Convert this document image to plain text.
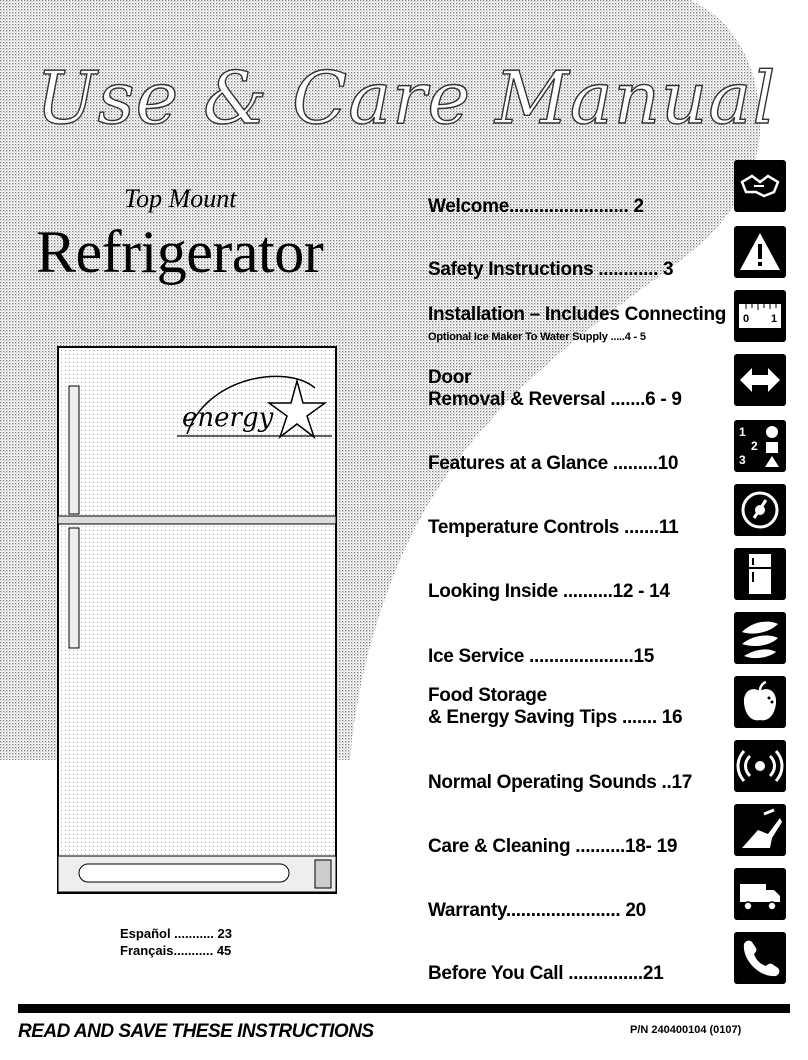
Use & Care Manual
Top Mount
Refrigerator
energy
Español ........... 23
Français........... 45
Welcome........................ 2
Safety Instructions ............ 3
Installation – Includes Connecting
Optional Ice Maker To Water Supply .....4 - 5
Door
Removal & Reversal .......6 - 9
Features at a Glance .........10
Temperature Controls .......11
Looking Inside ..........12 - 14
Ice Service .....................15
Food Storage
& Energy Saving Tips ....... 16
Normal Operating Sounds ..17
Care & Cleaning ..........18- 19
Warranty....................... 20
Before You Call ...............21
0 1
1
2
3
READ AND SAVE THESE INSTRUCTIONS	P/N 240400104 (0107)
